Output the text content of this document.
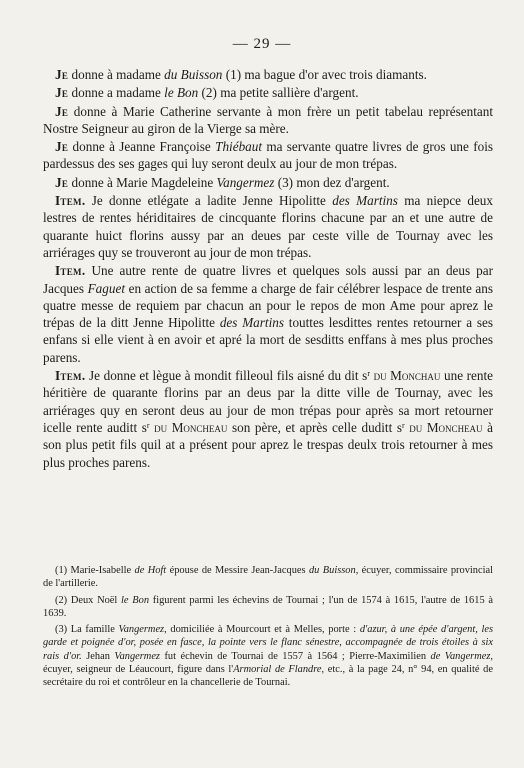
— 29 —

Je donne à madame du Buisson (1) ma bague d'or avec trois diamants.

Je donne a madame le Bon (2) ma petite sallière d'argent.

Je donne à Marie Catherine servante à mon frère un petit tabelau représentant Nostre Seigneur au giron de la Vierge sa mère.

Je donne à Jeanne Françoise Thiébaut ma servante quatre livres de gros une fois pardessus des ses gages qui luy seront deulx au jour de mon trépas.

Je donne à Marie Magdeleine Vangermez (3) mon dez d'argent.

Item. Je donne etlégate a ladite Jenne Hipolitte des Martins ma niepce deux lestres de rentes hériditaires de cincquante florins chacune par an et une autre de quarante huict florins aussy par an deues par ceste ville de Tournay avec les arriérages quy se trouveront au jour de mon trépas.

Item. Une autre rente de quatre livres et quelques sols aussi par an deus par Jacques Faguet en action de sa femme a charge de fair célébrer lespace de trente ans quatre messe de requiem par chacun an pour le repos de mon Ame pour aprez le trépas de la ditt Jenne Hipolitte des Martins touttes lesdittes rentes retourner a ses enfans si elle vient à en avoir et apré la mort de sesditts enffans à mes plus proches parens.

Item. Je donne et lègue à mondit filleoul fils aisné du dit $s^r$ du Monchau une rente héritière de quarante florins par an deus par la ditte ville de Tournay, avec les arriérages quy en seront deus au jour de mon trépas pour après sa mort retourner icelle rente auditt $s^r$ du Moncheau son père, et après celle duditt $s^r$ du Moncheau à son plus petit fils quil at a présent pour aprez le trespas deulx trois retourner à mes plus proches parens.

(1) Marie-Isabelle de Hoft épouse de Messire Jean-Jacques du Buisson, écuyer, commissaire provincial de l'artillerie.

(2) Deux Noël le Bon figurent parmi les échevins de Tournai ; l'un de 1574 à 1615, l'autre de 1615 à 1639.

(3) La famille Vangermez, domiciliée à Mourcourt et à Melles, porte : d'azur, à une épée d'argent, les garde et poignée d'or, posée en fasce, la pointe vers le flanc sénestre, accompagnée de trois étoiles à six rais d'or. Jehan Vangermez fut échevin de Tournai de 1557 à 1564 ; Pierre-Maximilien de Vangermez, écuyer, seigneur de Léaucourt, figure dans l'Armorial de Flandre, etc., à la page 24, n° 94, en qualité de secrétaire du roi et contrôleur en la chancellerie de Tournai.
